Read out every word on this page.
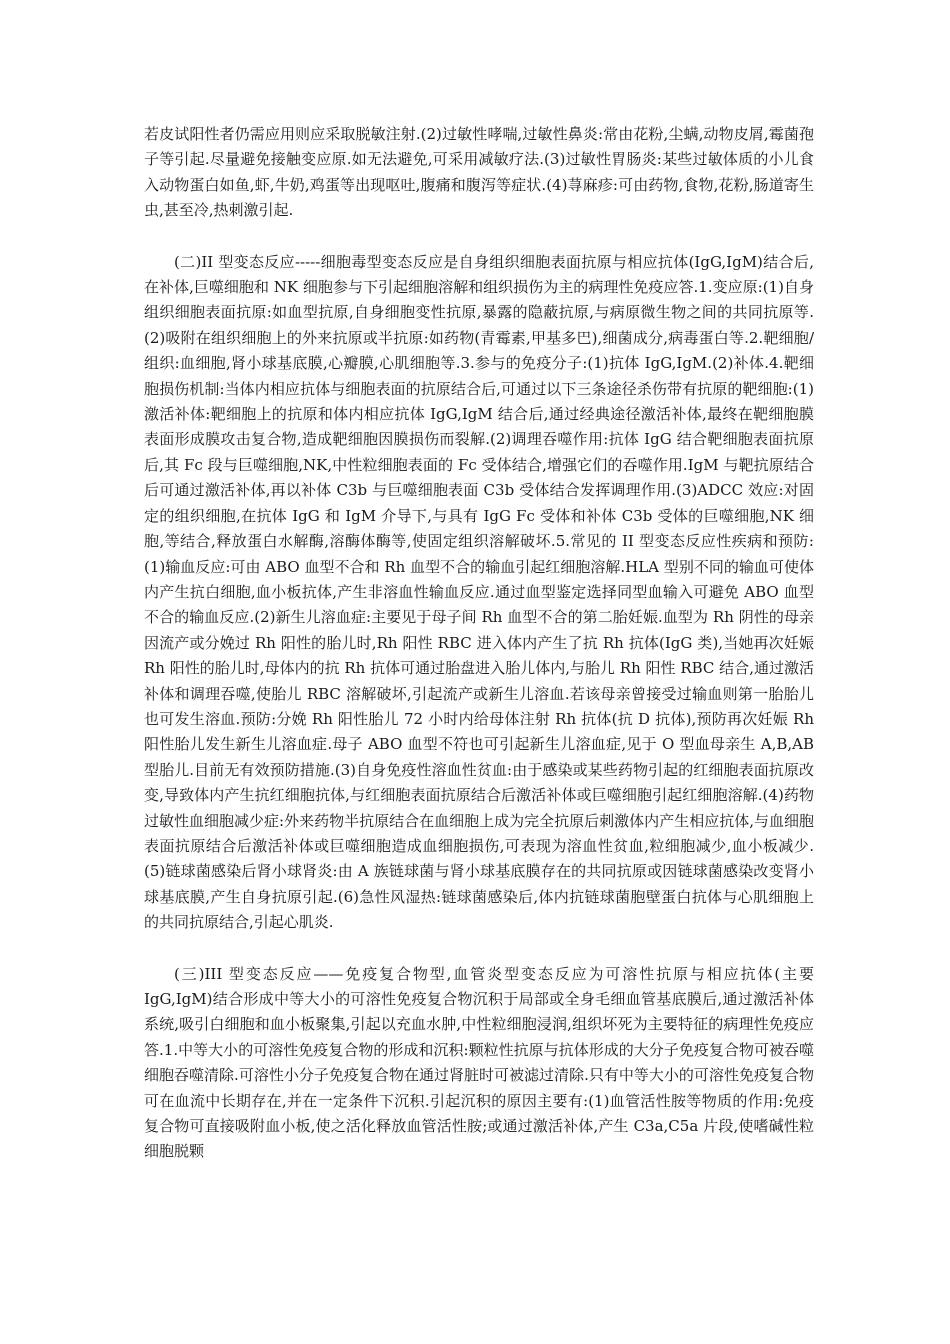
若皮试阳性者仍需应用则应采取脱敏注射.(2)过敏性哮喘,过敏性鼻炎:常由花粉,尘螨,动物皮屑,霉菌孢子等引起.尽量避免接触变应原.如无法避免,可采用减敏疗法.(3)过敏性胃肠炎:某些过敏体质的小儿食入动物蛋白如鱼,虾,牛奶,鸡蛋等出现呕吐,腹痛和腹泻等症状.(4)荨麻疹:可由药物,食物,花粉,肠道寄生虫,甚至冷,热刺激引起.

(二)II 型变态反应-----细胞毒型变态反应是自身组织细胞表面抗原与相应抗体(IgG,IgM)结合后,在补体,巨噬细胞和 NK 细胞参与下引起细胞溶解和组织损伤为主的病理性免疫应答.1.变应原:(1)自身组织细胞表面抗原:如血型抗原,自身细胞变性抗原,暴露的隐蔽抗原,与病原微生物之间的共同抗原等.(2)吸附在组织细胞上的外来抗原或半抗原:如药物(青霉素,甲基多巴),细菌成分,病毒蛋白等.2.靶细胞/组织:血细胞,肾小球基底膜,心瓣膜,心肌细胞等.3.参与的免疫分子:(1)抗体 IgG,IgM.(2)补体.4.靶细胞损伤机制:当体内相应抗体与细胞表面的抗原结合后,可通过以下三条途径杀伤带有抗原的靶细胞:(1)激活补体:靶细胞上的抗原和体内相应抗体 IgG,IgM 结合后,通过经典途径激活补体,最终在靶细胞膜表面形成膜攻击复合物,造成靶细胞因膜损伤而裂解.(2)调理吞噬作用:抗体 IgG 结合靶细胞表面抗原后,其 Fc 段与巨噬细胞,NK,中性粒细胞表面的 Fc 受体结合,增强它们的吞噬作用.IgM 与靶抗原结合后可通过激活补体,再以补体 C3b 与巨噬细胞表面 C3b 受体结合发挥调理作用.(3)ADCC 效应:对固定的组织细胞,在抗体 IgG 和 IgM 介导下,与具有 IgG Fc 受体和补体 C3b 受体的巨噬细胞,NK 细胞,等结合,释放蛋白水解酶,溶酶体酶等,使固定组织溶解破坏.5.常见的 II 型变态反应性疾病和预防:(1)输血反应:可由 ABO 血型不合和 Rh 血型不合的输血引起红细胞溶解.HLA 型别不同的输血可使体内产生抗白细胞,血小板抗体,产生非溶血性输血反应.通过血型鉴定选择同型血输入可避免 ABO 血型不合的输血反应.(2)新生儿溶血症:主要见于母子间 Rh 血型不合的第二胎妊娠.血型为 Rh 阴性的母亲因流产或分娩过 Rh 阳性的胎儿时,Rh 阳性 RBC 进入体内产生了抗 Rh 抗体(IgG 类),当她再次妊娠 Rh 阳性的胎儿时,母体内的抗 Rh 抗体可通过胎盘进入胎儿体内,与胎儿 Rh 阳性 RBC 结合,通过激活补体和调理吞噬,使胎儿 RBC 溶解破坏,引起流产或新生儿溶血.若该母亲曾接受过输血则第一胎胎儿也可发生溶血.预防:分娩 Rh 阳性胎儿 72 小时内给母体注射 Rh 抗体(抗 D 抗体),预防再次妊娠 Rh 阳性胎儿发生新生儿溶血症.母子 ABO 血型不符也可引起新生儿溶血症,见于 O 型血母亲生 A,B,AB 型胎儿.目前无有效预防措施.(3)自身免疫性溶血性贫血:由于感染或某些药物引起的红细胞表面抗原改变,导致体内产生抗红细胞抗体,与红细胞表面抗原结合后激活补体或巨噬细胞引起红细胞溶解.(4)药物过敏性血细胞减少症:外来药物半抗原结合在血细胞上成为完全抗原后刺激体内产生相应抗体,与血细胞表面抗原结合后激活补体或巨噬细胞造成血细胞损伤,可表现为溶血性贫血,粒细胞减少,血小板减少.(5)链球菌感染后肾小球肾炎:由 A 族链球菌与肾小球基底膜存在的共同抗原或因链球菌感染改变肾小球基底膜,产生自身抗原引起.(6)急性风湿热:链球菌感染后,体内抗链球菌胞壁蛋白抗体与心肌细胞上的共同抗原结合,引起心肌炎.

(三)III 型变态反应——免疫复合物型,血管炎型变态反应为可溶性抗原与相应抗体(主要 IgG,IgM)结合形成中等大小的可溶性免疫复合物沉积于局部或全身毛细血管基底膜后,通过激活补体系统,吸引白细胞和血小板聚集,引起以充血水肿,中性粒细胞浸润,组织坏死为主要特征的病理性免疫应答.1.中等大小的可溶性免疫复合物的形成和沉积:颗粒性抗原与抗体形成的大分子免疫复合物可被吞噬细胞吞噬清除.可溶性小分子免疫复合物在通过肾脏时可被滤过清除.只有中等大小的可溶性免疫复合物可在血流中长期存在,并在一定条件下沉积.引起沉积的原因主要有:(1)血管活性胺等物质的作用:免疫复合物可直接吸附血小板,使之活化释放血管活性胺;或通过激活补体,产生 C3a,C5a 片段,使嗜碱性粒细胞脱颗
